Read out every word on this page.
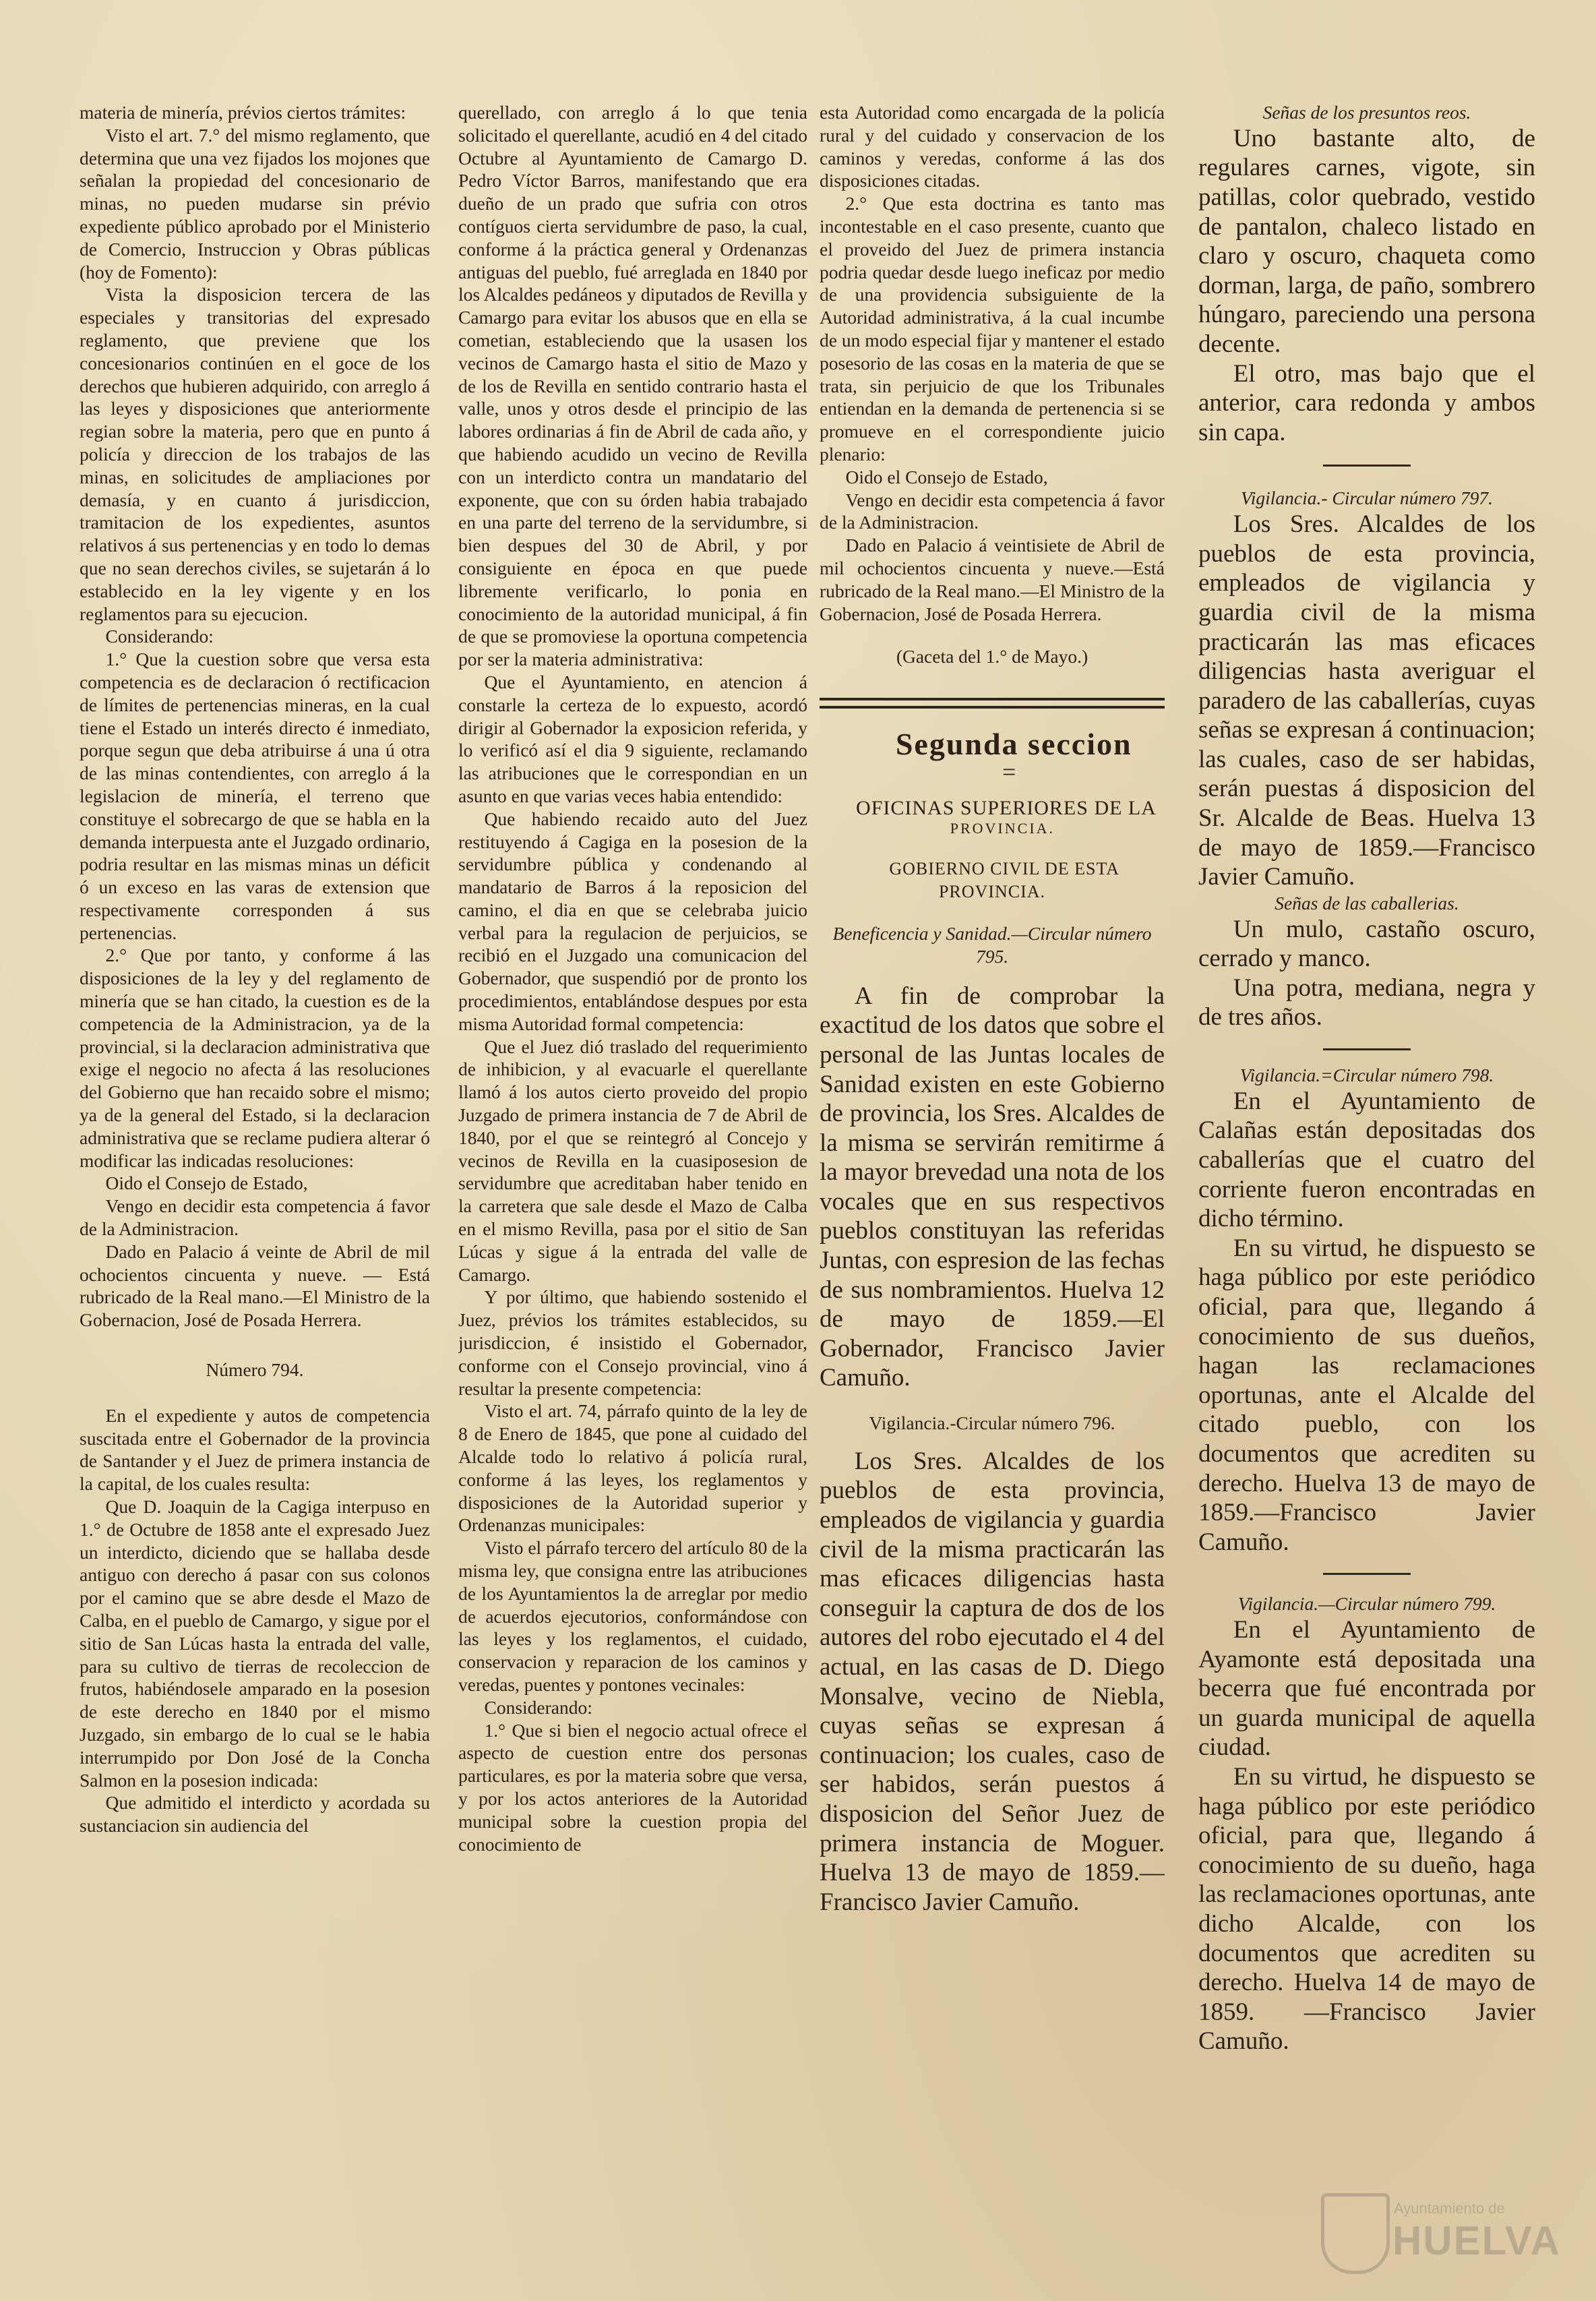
materia de minería, prévios ciertos trámites:

Visto el art. 7.° del mismo reglamento, que determina que una vez fijados los mojones que señalan la propiedad del concesionario de minas, no pueden mudarse sin prévio expediente público aprobado por el Ministerio de Comercio, Instruccion y Obras públicas (hoy de Fomento):

Vista la disposicion tercera de las especiales y transitorias del expresado reglamento, que previene que los concesionarios continúen en el goce de los derechos que hubieren adquirido, con arreglo á las leyes y disposiciones que anteriormente regian sobre la materia, pero que en punto á policía y direccion de los trabajos de las minas, en solicitudes de ampliaciones por demasía, y en cuanto á jurisdiccion, tramitacion de los expedientes, asuntos relativos á sus pertenencias y en todo lo demas que no sean derechos civiles, se sujetarán á lo establecido en la ley vigente y en los reglamentos para su ejecucion.

Considerando:

1.° Que la cuestion sobre que versa esta competencia es de declaracion ó rectificacion de límites de pertenencias mineras, en la cual tiene el Estado un interés directo é inmediato, porque segun que deba atribuirse á una ú otra de las minas contendientes, con arreglo á la legislacion de minería, el terreno que constituye el sobrecargo de que se habla en la demanda interpuesta ante el Juzgado ordinario, podria resultar en las mismas minas un déficit ó un exceso en las varas de extension que respectivamente corresponden á sus pertenencias.

2.° Que por tanto, y conforme á las disposiciones de la ley y del reglamento de minería que se han citado, la cuestion es de la competencia de la Administracion, ya de la provincial, si la declaracion administrativa que exige el negocio no afecta á las resoluciones del Gobierno que han recaido sobre el mismo; ya de la general del Estado, si la declaracion administrativa que se reclame pudiera alterar ó modificar las indicadas resoluciones:

Oido el Consejo de Estado,

Vengo en decidir esta competencia á favor de la Administracion.

Dado en Palacio á veinte de Abril de mil ochocientos cincuenta y nueve. — Está rubricado de la Real mano.—El Ministro de la Gobernacion, José de Posada Herrera.

Número 794.

En el expediente y autos de competencia suscitada entre el Gobernador de la provincia de Santander y el Juez de primera instancia de la capital, de los cuales resulta:

Que D. Joaquin de la Cagiga interpuso en 1.° de Octubre de 1858 ante el expresado Juez un interdicto, diciendo que se hallaba desde antiguo con derecho á pasar con sus colonos por el camino que se abre desde el Mazo de Calba, en el pueblo de Camargo, y sigue por el sitio de San Lúcas hasta la entrada del valle, para su cultivo de tierras de recoleccion de frutos, habiéndosele amparado en la posesion de este derecho en 1840 por el mismo Juzgado, sin embargo de lo cual se le habia interrumpido por Don José de la Concha Salmon en la posesion indicada:

Que admitido el interdicto y acordada su sustanciacion sin audiencia del

querellado, con arreglo á lo que tenia solicitado el querellante, acudió en 4 del citado Octubre al Ayuntamiento de Camargo D. Pedro Víctor Barros, manifestando que era dueño de un prado que sufria con otros contíguos cierta servidumbre de paso, la cual, conforme á la práctica general y Ordenanzas antiguas del pueblo, fué arreglada en 1840 por los Alcaldes pedáneos y diputados de Revilla y Camargo para evitar los abusos que en ella se cometian, estableciendo que la usasen los vecinos de Camargo hasta el sitio de Mazo y de los de Revilla en sentido contrario hasta el valle, unos y otros desde el principio de las labores ordinarias á fin de Abril de cada año, y que habiendo acudido un vecino de Revilla con un interdicto contra un mandatario del exponente, que con su órden habia trabajado en una parte del terreno de la servidumbre, si bien despues del 30 de Abril, y por consiguiente en época en que puede libremente verificarlo, lo ponia en conocimiento de la autoridad municipal, á fin de que se promoviese la oportuna competencia por ser la materia administrativa:

Que el Ayuntamiento, en atencion á constarle la certeza de lo expuesto, acordó dirigir al Gobernador la exposicion referida, y lo verificó así el dia 9 siguiente, reclamando las atribuciones que le correspondian en un asunto en que varias veces habia entendido:

Que habiendo recaido auto del Juez restituyendo á Cagiga en la posesion de la servidumbre pública y condenando al mandatario de Barros á la reposicion del camino, el dia en que se celebraba juicio verbal para la regulacion de perjuicios, se recibió en el Juzgado una comunicacion del Gobernador, que suspendió por de pronto los procedimientos, entablándose despues por esta misma Autoridad formal competencia:

Que el Juez dió traslado del requerimiento de inhibicion, y al evacuarle el querellante llamó á los autos cierto proveido del propio Juzgado de primera instancia de 7 de Abril de 1840, por el que se reintegró al Concejo y vecinos de Revilla en la cuasiposesion de servidumbre que acreditaban haber tenido en la carretera que sale desde el Mazo de Calba en el mismo Revilla, pasa por el sitio de San Lúcas y sigue á la entrada del valle de Camargo.

Y por último, que habiendo sostenido el Juez, prévios los trámites establecidos, su jurisdiccion, é insistido el Gobernador, conforme con el Consejo provincial, vino á resultar la presente competencia:

Visto el art. 74, párrafo quinto de la ley de 8 de Enero de 1845, que pone al cuidado del Alcalde todo lo relativo á policía rural, conforme á las leyes, los reglamentos y disposiciones de la Autoridad superior y Ordenanzas municipales:

Visto el párrafo tercero del artículo 80 de la misma ley, que consigna entre las atribuciones de los Ayuntamientos la de arreglar por medio de acuerdos ejecutorios, conformándose con las leyes y los reglamentos, el cuidado, conservacion y reparacion de los caminos y veredas, puentes y pontones vecinales:

Considerando:

1.° Que si bien el negocio actual ofrece el aspecto de cuestion entre dos personas particulares, es por la materia sobre que versa, y por los actos anteriores de la Autoridad municipal sobre la cuestion propia del conocimiento de

esta Autoridad como encargada de la policía rural y del cuidado y conservacion de los caminos y veredas, conforme á las dos disposiciones citadas.

2.° Que esta doctrina es tanto mas incontestable en el caso presente, cuanto que el proveido del Juez de primera instancia podria quedar desde luego ineficaz por medio de una providencia subsiguiente de la Autoridad administrativa, á la cual incumbe de un modo especial fijar y mantener el estado posesorio de las cosas en la materia de que se trata, sin perjuicio de que los Tribunales entiendan en la demanda de pertenencia si se promueve en el correspondiente juicio plenario:

Oido el Consejo de Estado,

Vengo en decidir esta competencia á favor de la Administracion.

Dado en Palacio á veintisiete de Abril de mil ochocientos cincuenta y nueve.—Está rubricado de la Real mano.—El Ministro de la Gobernacion, José de Posada Herrera.

(Gaceta del 1.° de Mayo.)

Segunda seccion

=

OFICINAS SUPERIORES DE LA

PROVINCIA.

GOBIERNO CIVIL DE ESTA PROVINCIA.

Beneficencia y Sanidad.—Circular número 795.

A fin de comprobar la exactitud de los datos que sobre el personal de las Juntas locales de Sanidad existen en este Gobierno de provincia, los Sres. Alcaldes de la misma se servirán remitirme á la mayor brevedad una nota de los vocales que en sus respectivos pueblos constituyan las referidas Juntas, con espresion de las fechas de sus nombramientos. Huelva 12 de mayo de 1859.—El Gobernador, Francisco Javier Camuño.

Vigilancia.-Circular número 796.

Los Sres. Alcaldes de los pueblos de esta provincia, empleados de vigilancia y guardia civil de la misma practicarán las mas eficaces diligencias hasta conseguir la captura de dos de los autores del robo ejecutado el 4 del actual, en las casas de D. Diego Monsalve, vecino de Niebla, cuyas señas se expresan á continuacion; los cuales, caso de ser habidos, serán puestos á disposicion del Señor Juez de primera instancia de Moguer. Huelva 13 de mayo de 1859.—Francisco Javier Camuño.

Señas de los presuntos reos.

Uno bastante alto, de regulares carnes, vigote, sin patillas, color quebrado, vestido de pantalon, chaleco listado en claro y oscuro, chaqueta como dorman, larga, de paño, sombrero húngaro, pareciendo una persona decente.

El otro, mas bajo que el anterior, cara redonda y ambos sin capa.

Vigilancia.- Circular número 797.

Los Sres. Alcaldes de los pueblos de esta provincia, empleados de vigilancia y guardia civil de la misma practicarán las mas eficaces diligencias hasta averiguar el paradero de las caballerías, cuyas señas se expresan á continuacion; las cuales, caso de ser habidas, serán puestas á disposicion del Sr. Alcalde de Beas. Huelva 13 de mayo de 1859.—Francisco Javier Camuño.

Señas de las caballerias.

Un mulo, castaño oscuro, cerrado y manco.

Una potra, mediana, negra y de tres años.

Vigilancia.=Circular número 798.

En el Ayuntamiento de Calañas están depositadas dos caballerías que el cuatro del corriente fueron encontradas en dicho término.

En su virtud, he dispuesto se haga público por este periódico oficial, para que, llegando á conocimiento de sus dueños, hagan las reclamaciones oportunas, ante el Alcalde del citado pueblo, con los documentos que acrediten su derecho. Huelva 13 de mayo de 1859.—Francisco Javier Camuño.

Vigilancia.—Circular número 799.

En el Ayuntamiento de Ayamonte está depositada una becerra que fué encontrada por un guarda municipal de aquella ciudad.

En su virtud, he dispuesto se haga público por este periódico oficial, para que, llegando á conocimiento de su dueño, haga las reclamaciones oportunas, ante dicho Alcalde, con los documentos que acrediten su derecho. Huelva 14 de mayo de 1859. —Francisco Javier Camuño.

Ayuntamiento de
HUELVA
